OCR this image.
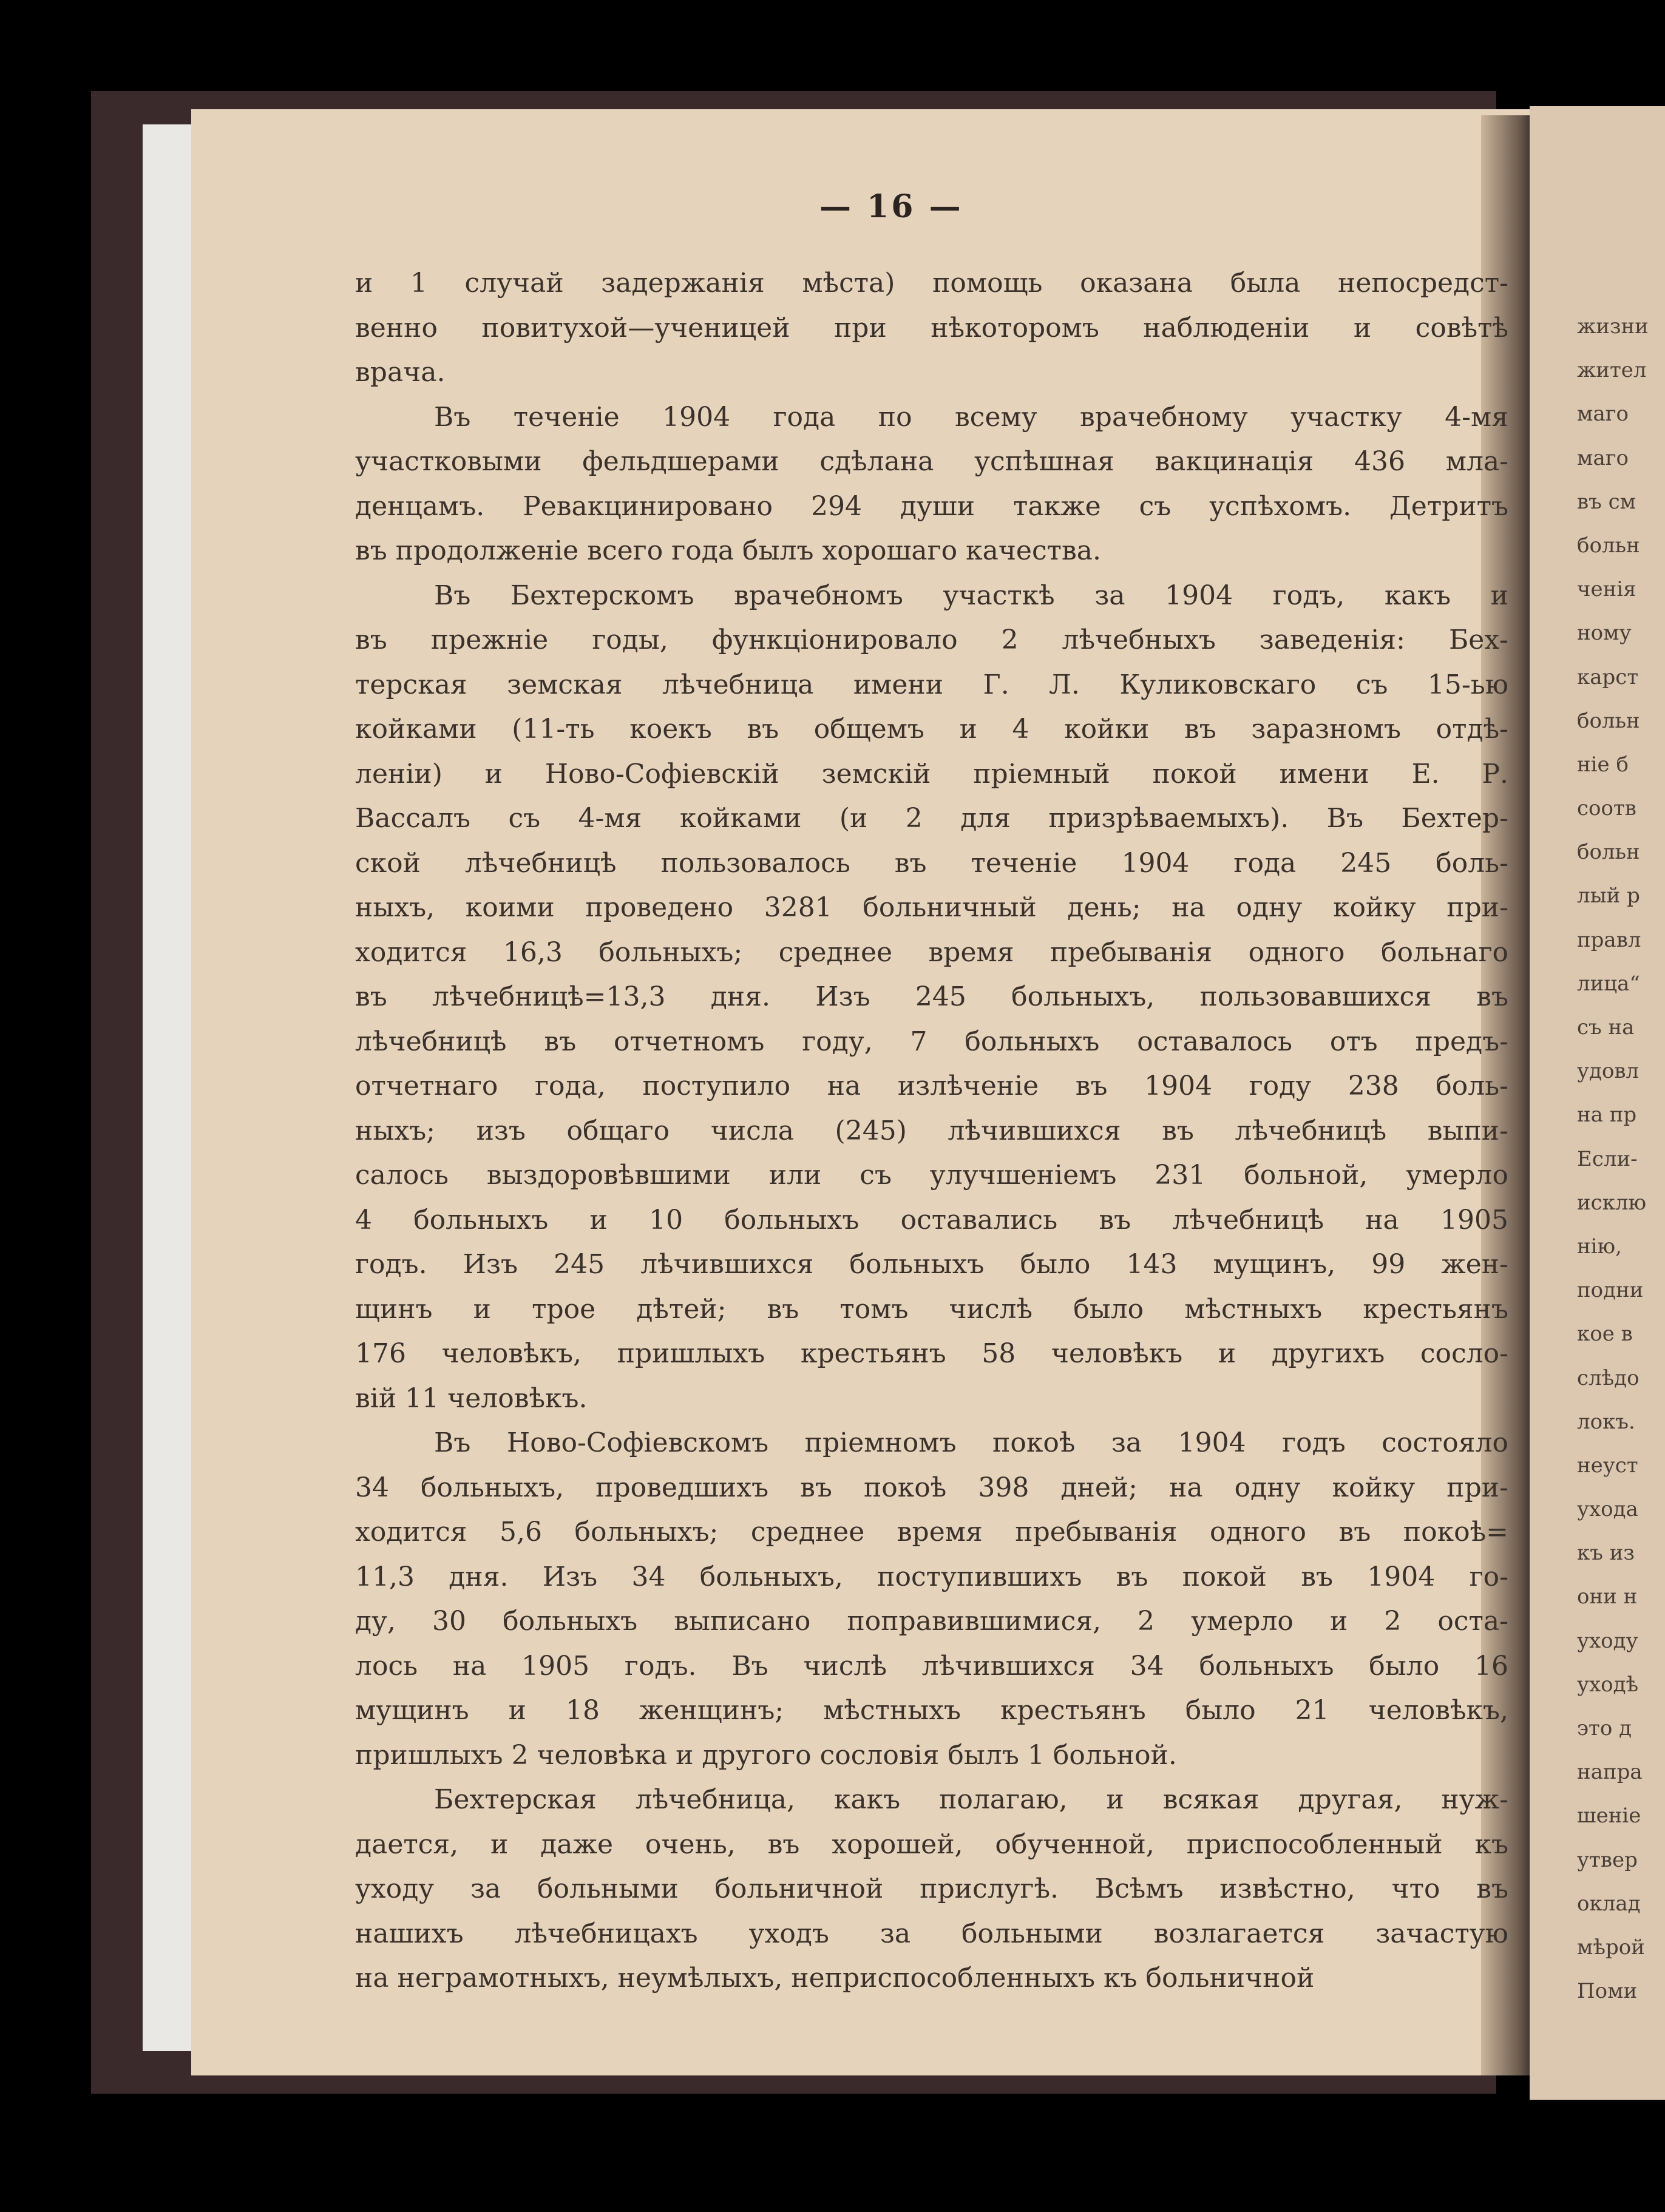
— 16 —
и 1 случай задержанія мѣста) помощь оказана была непосредст-
венно повитухой—ученицей при нѣкоторомъ наблюденіи и совѣтѣ
врача.
Въ теченіе 1904 года по всему врачебному участку 4-мя
участковыми фельдшерами сдѣлана успѣшная вакцинація 436 мла-
денцамъ. Ревакцинировано 294 души также съ успѣхомъ. Детритъ
въ продолженіе всего года былъ хорошаго качества.
Въ Бехтерскомъ врачебномъ участкѣ за 1904 годъ, какъ и
въ прежніе годы, функціонировало 2 лѣчебныхъ заведенія: Бех-
терская земская лѣчебница имени Г. Л. Куликовскаго съ 15-ью
койками (11-ть коекъ въ общемъ и 4 койки въ заразномъ отдѣ-
леніи) и Ново-Софіевскій земскій пріемный покой имени Е. Р.
Вассалъ съ 4-мя койками (и 2 для призрѣваемыхъ). Въ Бехтер-
ской лѣчебницѣ пользовалось въ теченіе 1904 года 245 боль-
ныхъ, коими проведено 3281 больничный день; на одну койку при-
ходится 16,3 больныхъ; среднее время пребыванія одного больнаго
въ лѣчебницѣ=13,3 дня. Изъ 245 больныхъ, пользовавшихся въ
лѣчебницѣ въ отчетномъ году, 7 больныхъ оставалось отъ предъ-
отчетнаго года, поступило на излѣченіе въ 1904 году 238 боль-
ныхъ; изъ общаго числа (245) лѣчившихся въ лѣчебницѣ выпи-
салось выздоровѣвшими или съ улучшеніемъ 231 больной, умерло
4 больныхъ и 10 больныхъ оставались въ лѣчебницѣ на 1905
годъ. Изъ 245 лѣчившихся больныхъ было 143 мущинъ, 99 жен-
щинъ и трое дѣтей; въ томъ числѣ было мѣстныхъ крестьянъ
176 человѣкъ, пришлыхъ крестьянъ 58 человѣкъ и другихъ сосло-
вій 11 человѣкъ.
Въ Ново-Софіевскомъ пріемномъ покоѣ за 1904 годъ состояло
34 больныхъ, проведшихъ въ покоѣ 398 дней; на одну койку при-
ходится 5,6 больныхъ; среднее время пребыванія одного въ покоѣ=
11,3 дня. Изъ 34 больныхъ, поступившихъ въ покой въ 1904 го-
ду, 30 больныхъ выписано поправившимися, 2 умерло и 2 оста-
лось на 1905 годъ. Въ числѣ лѣчившихся 34 больныхъ было 16
мущинъ и 18 женщинъ; мѣстныхъ крестьянъ было 21 человѣкъ,
пришлыхъ 2 человѣка и другого сословія былъ 1 больной.
Бехтерская лѣчебница, какъ полагаю, и всякая другая, нуж-
дается, и даже очень, въ хорошей, обученной, приспособленный къ
уходу за больными больничной прислугѣ. Всѣмъ извѣстно, что въ
нашихъ лѣчебницахъ уходъ за больными возлагается зачастую
на неграмотныхъ, неумѣлыхъ, неприспособленныхъ къ больничной
жизни
жител
маго
маго
въ см
больн
ченія
ному
карст
больн
ніе б
соотв
больн
лый р
правл
лица“
съ на
удовл
на пр
Если-
исклю
нію,
подни
кое в
слѣдо
локъ.
неуст
ухода
къ из
они н
уходу
уходѣ
это д
напра
шеніе
утвер
оклад
мѣрой
Поми
